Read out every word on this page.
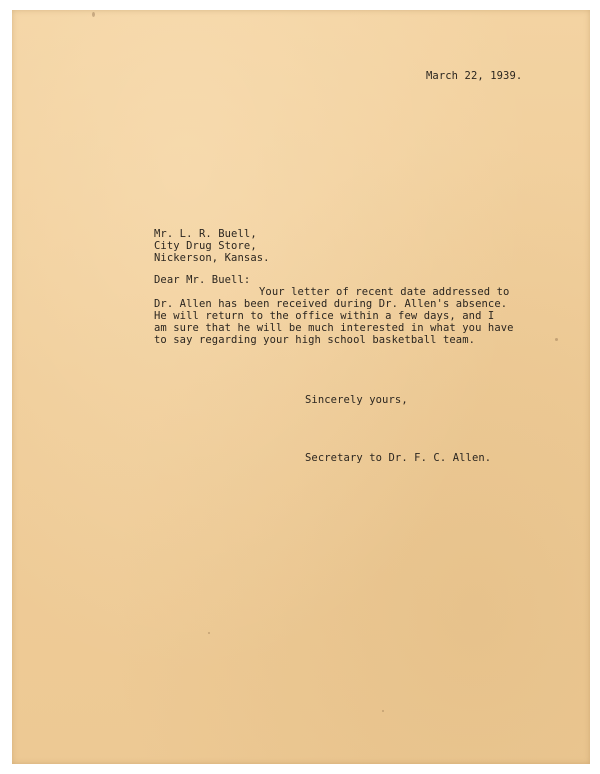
March 22, 1939.
Mr. L. R. Buell,
City Drug Store,
Nickerson, Kansas.
Dear Mr. Buell:
Your letter of recent date addressed to
Dr. Allen has been received during Dr. Allen's absence.
He will return to the office within a few days, and I
am sure that he will be much interested in what you have
to say regarding your high school basketball team.
Sincerely yours,
Secretary to Dr. F. C. Allen.
